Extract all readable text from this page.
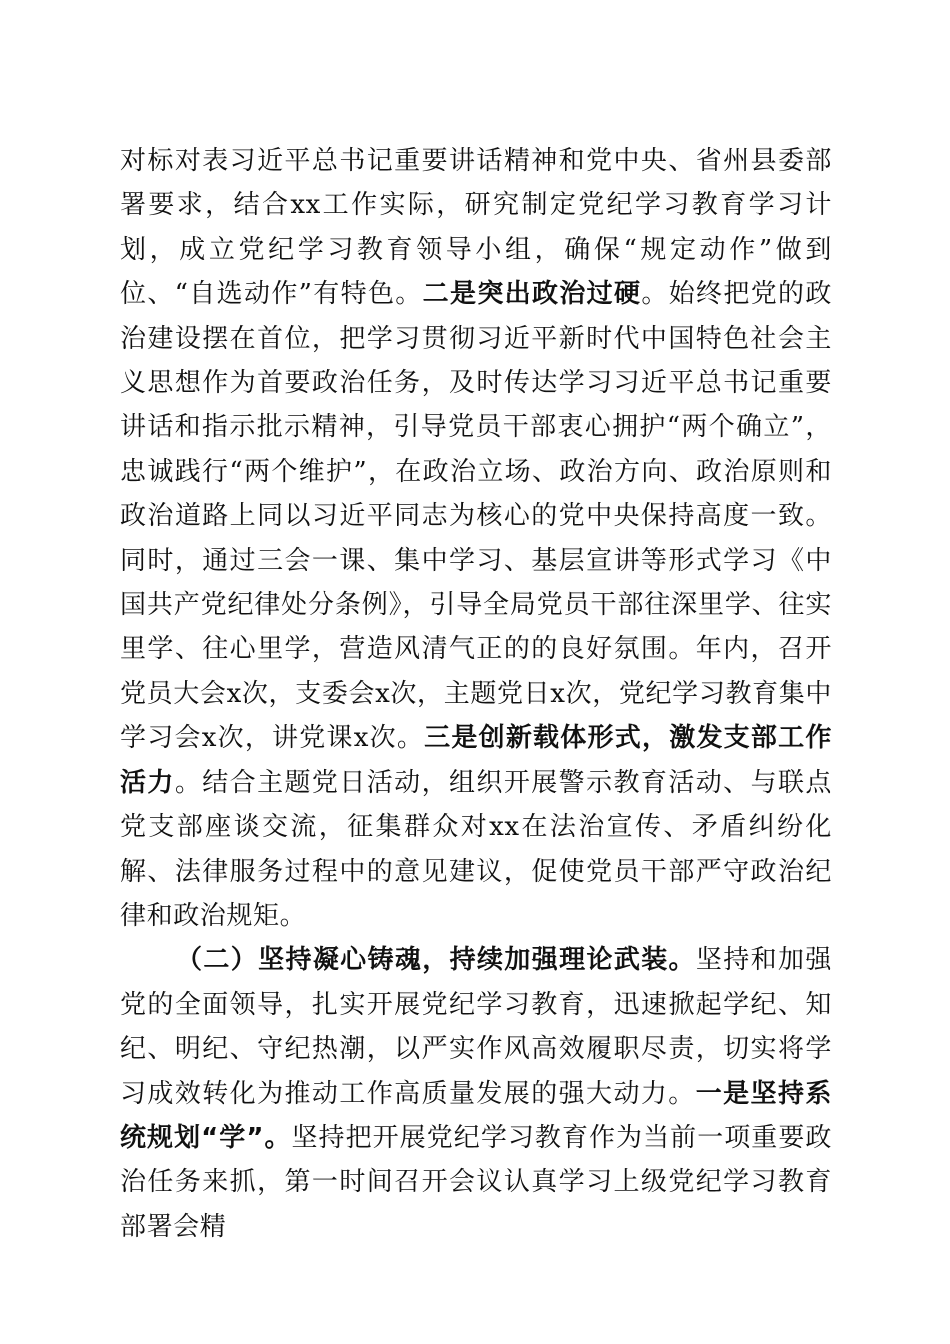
对标对表习近平总书记重要讲话精神和党中央、省州县委部署要求，结合xx工作实际，研究制定党纪学习教育学习计划，成立党纪学习教育领导小组，确保“规定动作”做到位、“自选动作”有特色。二是突出政治过硬。始终把党的政治建设摆在首位，把学习贯彻习近平新时代中国特色社会主义思想作为首要政治任务，及时传达学习习近平总书记重要讲话和指示批示精神，引导党员干部衷心拥护“两个确立”，忠诚践行“两个维护”，在政治立场、政治方向、政治原则和政治道路上同以习近平同志为核心的党中央保持高度一致。同时，通过三会一课、集中学习、基层宣讲等形式学习《中国共产党纪律处分条例》，引导全局党员干部往深里学、往实里学、往心里学，营造风清气正的的良好氛围。年内，召开党员大会x次，支委会x次，主题党日x次，党纪学习教育集中学习会x次，讲党课x次。三是创新载体形式，激发支部工作活力。结合主题党日活动，组织开展警示教育活动、与联点党支部座谈交流，征集群众对xx在法治宣传、矛盾纠纷化解、法律服务过程中的意见建议，促使党员干部严守政治纪律和政治规矩。

（二）坚持凝心铸魂，持续加强理论武装。坚持和加强党的全面领导，扎实开展党纪学习教育，迅速掀起学纪、知纪、明纪、守纪热潮，以严实作风高效履职尽责，切实将学习成效转化为推动工作高质量发展的强大动力。一是坚持系统规划“学”。坚持把开展党纪学习教育作为当前一项重要政治任务来抓，第一时间召开会议认真学习上级党纪学习教育部署会精
